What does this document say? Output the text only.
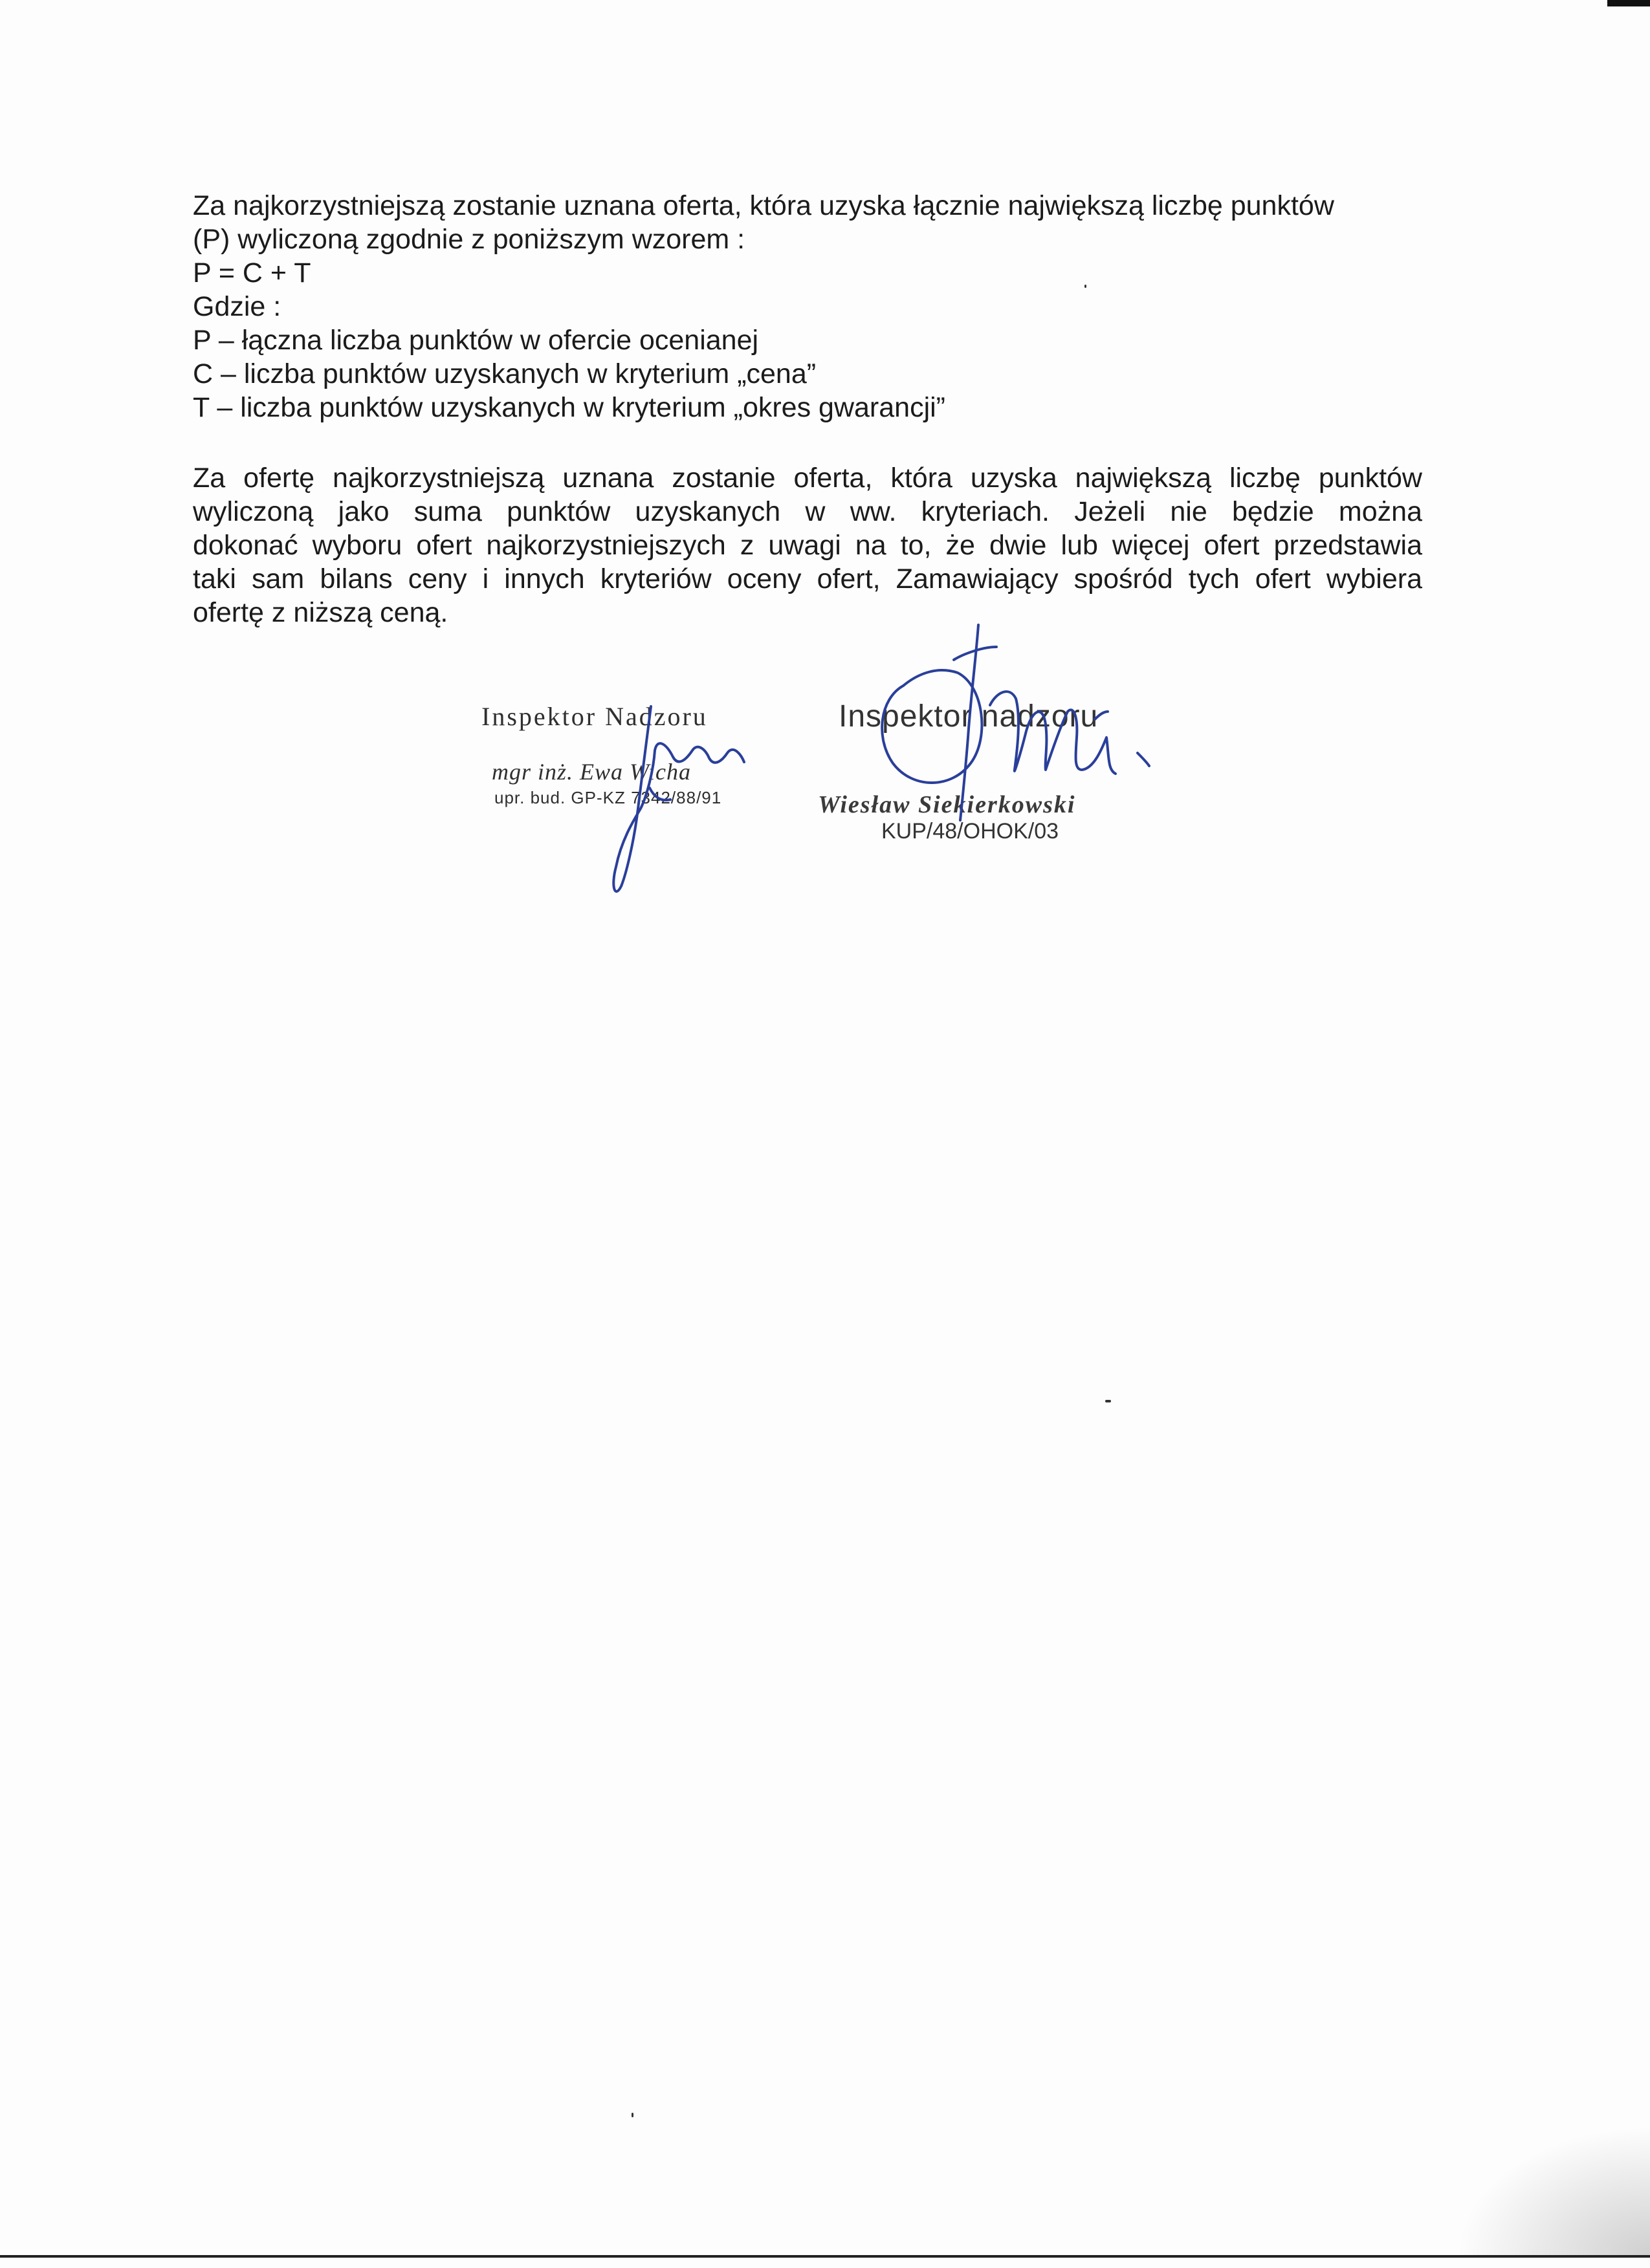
Za najkorzystniejszą zostanie uznana oferta, która uzyska łącznie największą liczbę punktów
(P) wyliczoną zgodnie z poniższym wzorem :
P = C + T
Gdzie :
P – łączna liczba punktów w ofercie ocenianej
C – liczba punktów uzyskanych w kryterium „cena”
T – liczba punktów uzyskanych w kryterium „okres gwarancji”
Za ofertę najkorzystniejszą uznana zostanie oferta, która uzyska największą liczbę punktów
wyliczoną jako suma punktów uzyskanych w ww. kryteriach. Jeżeli nie będzie można
dokonać wyboru ofert najkorzystniejszych z uwagi na to, że dwie lub więcej ofert przedstawia
taki sam bilans ceny i innych kryteriów oceny ofert, Zamawiający spośród tych ofert wybiera
ofertę z niższą ceną.
Inspektor Nadzoru
mgr inż. Ewa Wicha
upr. bud. GP-KZ 7342/88/91
Inspektor nadzoru
Wiesław Siekierkowski
KUP/48/OHOK/03
